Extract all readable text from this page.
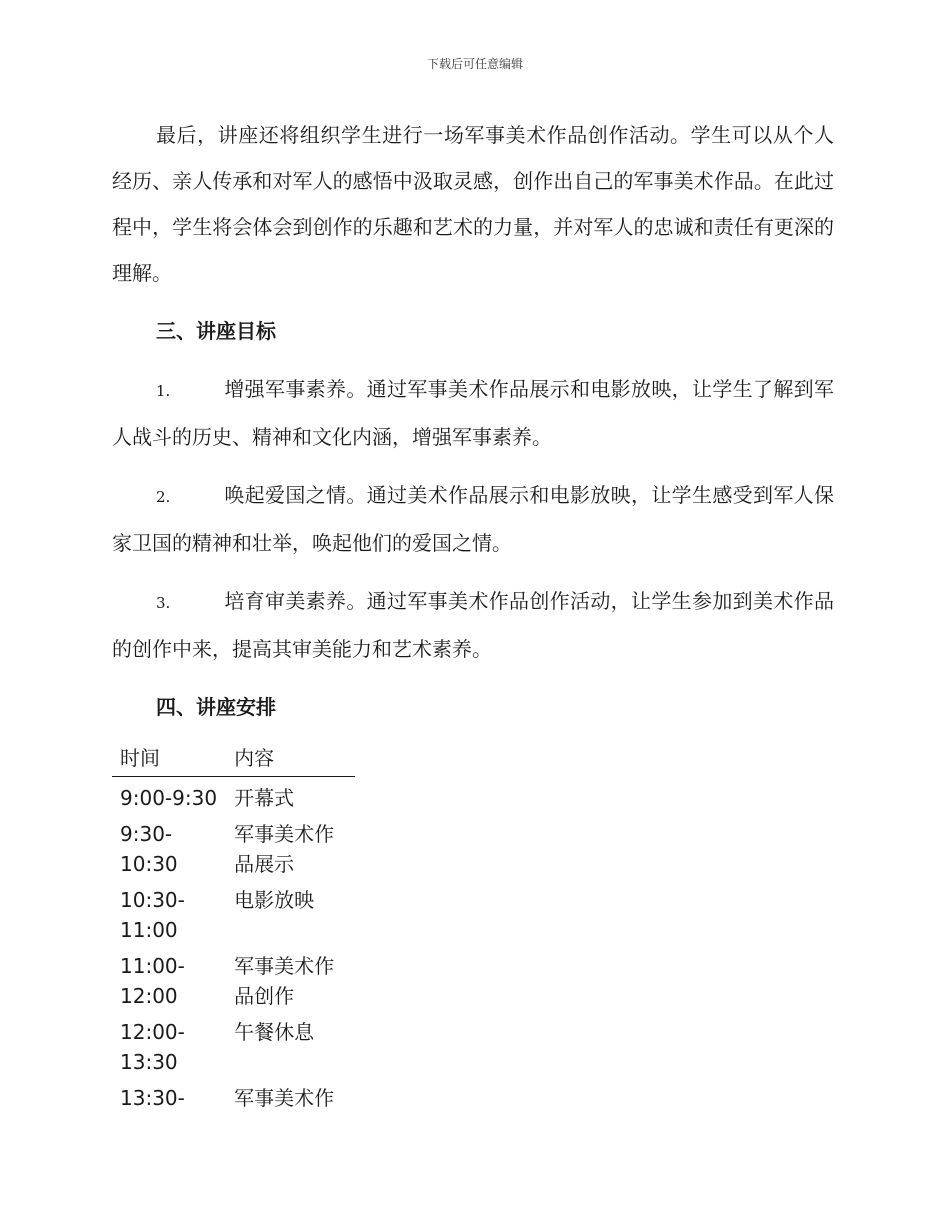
下载后可任意编辑

最后，讲座还将组织学生进行一场军事美术作品创作活动。学生可以从个人经历、亲人传承和对军人的感悟中汲取灵感，创作出自己的军事美术作品。在此过程中，学生将会体会到创作的乐趣和艺术的力量，并对军人的忠诚和责任有更深的理解。

三、讲座目标

1.	增强军事素养。通过军事美术作品展示和电影放映，让学生了解到军人战斗的历史、精神和文化内涵，增强军事素养。

2.	唤起爱国之情。通过美术作品展示和电影放映，让学生感受到军人保家卫国的精神和壮举，唤起他们的爱国之情。

3.	培育审美素养。通过军事美术作品创作活动，让学生参加到美术作品的创作中来，提高其审美能力和艺术素养。

四、讲座安排

时间	内容
9:00-9:30	开幕式
9:30-10:30	军事美术作品展示
10:30-11:00	电影放映
11:00-12:00	军事美术作品创作
12:00-13:30	午餐休息
13:30-	军事美术作
